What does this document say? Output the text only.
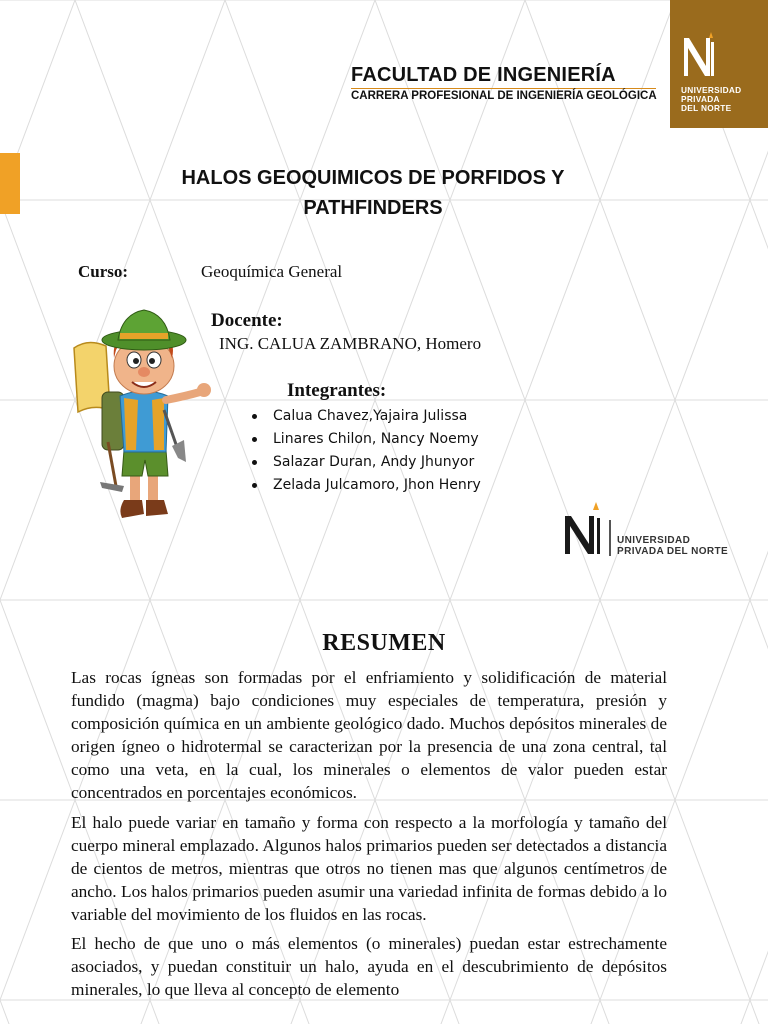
FACULTAD DE INGENIERÍA
CARRERA PROFESIONAL DE INGENIERÍA GEOLÓGICA	UNIVERSIDAD
PRIVADA
DEL NORTE
HALOS GEOQUIMICOS DE PORFIDOS Y PATHFINDERS
Curso:	Geoquímica General
Docente:
ING. CALUA ZAMBRANO, Homero
Integrantes:
Calua Chavez,Yajaira Julissa
Linares Chilon, Nancy Noemy
Salazar Duran, Andy Jhunyor
Zelada Julcamoro, Jhon Henry
UNIVERSIDAD
PRIVADA DEL NORTE
RESUMEN

Las rocas ígneas son formadas por el enfriamiento y solidificación de material fundido (magma) bajo condiciones muy especiales de temperatura, presión y composición química en un ambiente geológico dado. Muchos depósitos minerales de origen ígneo o hidrotermal se caracterizan por la presencia de una zona central, tal como una veta, en la cual, los minerales o elementos de valor pueden estar concentrados en porcentajes económicos.

El halo puede variar en tamaño y forma con respecto a la morfología y tamaño del cuerpo mineral emplazado. Algunos halos primarios pueden ser detectados a distancia de cientos de metros, mientras que otros no tienen mas que algunos centímetros de ancho. Los halos primarios pueden asumir una variedad infinita de formas debido a lo variable del movimiento de los fluidos en las rocas.

El hecho de que uno o más elementos (o minerales) puedan estar estrechamente asociados, y puedan constituir un halo, ayuda en el descubrimiento de depósitos minerales, lo que lleva al concepto de elemento
